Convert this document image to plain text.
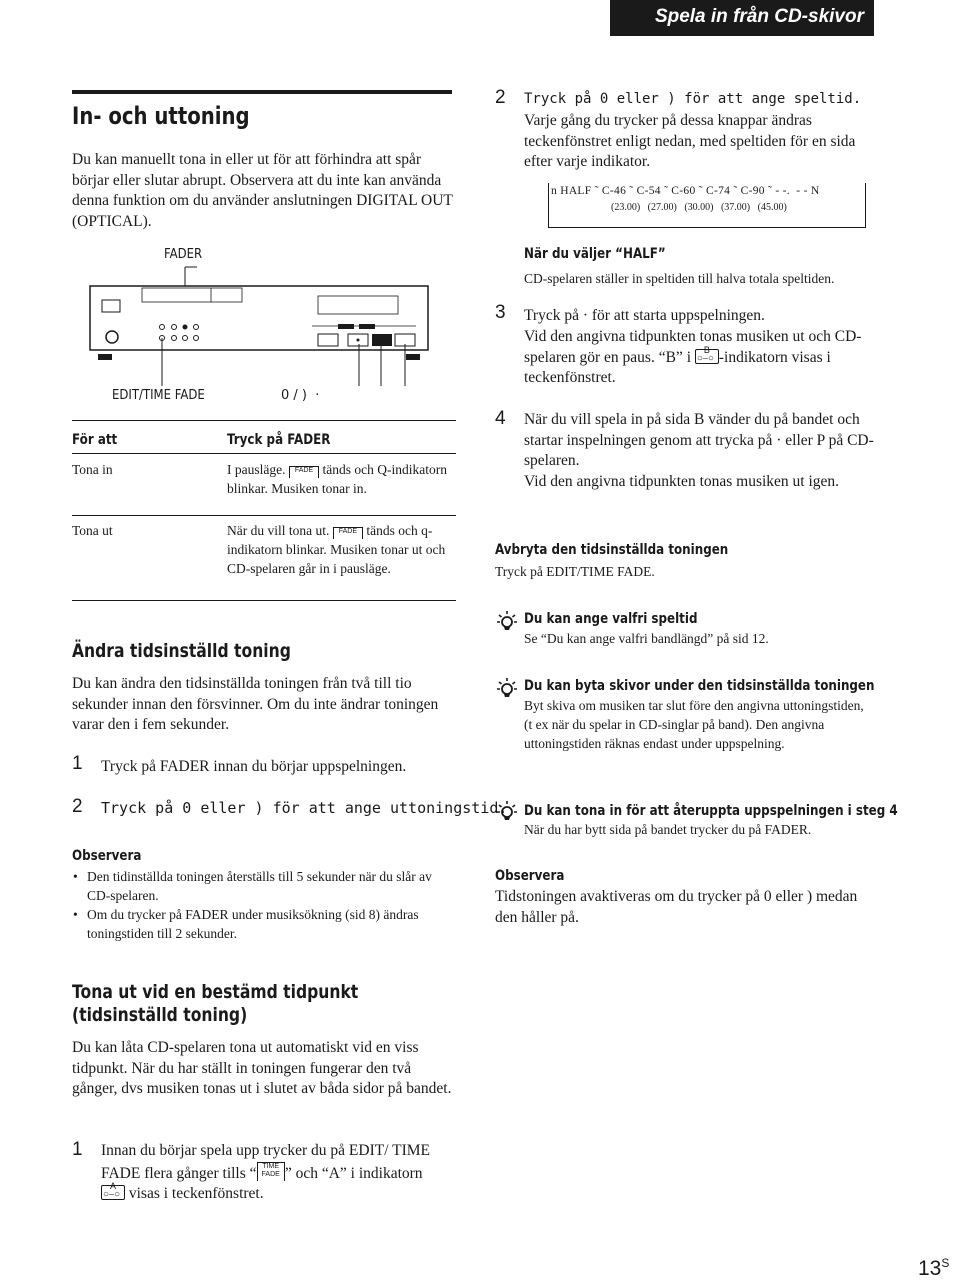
Spela in från CD-skivor
In- och uttoning
Du kan manuellt tona in eller ut för att förhindra att spår börjar eller slutar abrupt. Observera att du inte kan använda denna funktion om du använder anslutningen DIGITAL OUT (OPTICAL).
FADER
EDIT/TIME FADE	0 / )  ·
För att	Tryck på FADER
Tona in	I pausläge. FADE tänds och Q-indikatorn blinkar. Musiken tonar in.
Tona ut	När du vill tona ut. FADE tänds och q- indikatorn blinkar. Musiken tonar ut och CD-spelaren går in i pausläge.
Ändra tidsinställd toning
Du kan ändra den tidsinställda toningen från två till tio sekunder innan den försvinner. Om du inte ändrar toningen varar den i fem sekunder.
1 Tryck på FADER innan du börjar uppspelningen.
2 Tryck på 0 eller ) för att ange uttoningstid.
Observera
• Den tidinställda toningen återställs till 5 sekunder när du slår av CD-spelaren.
• Om du trycker på FADER under musiksökning (sid 8) ändras toningstiden till 2 sekunder.
Tona ut vid en bestämd tidpunkt (tidsinställd toning)
Du kan låta CD-spelaren tona ut automatiskt vid en viss tidpunkt. När du har ställt in toningen fungerar den två gånger, dvs musiken tonas ut i slutet av båda sidor på bandet.
1 Innan du börjar spela upp trycker du på EDIT/ TIME FADE flera gånger tills “ TIME
FADE ” och “A” i indikatorn
A
○–○ visas i teckenfönstret.
2 Tryck på 0 eller ) för att ange speltid.
Varje gång du trycker på dessa knappar ändras teckenfönstret enligt nedan, med speltiden för en sida efter varje indikator.
n HALF ˜ C-46 ˜ C-54 ˜ C-60 ˜ C-74 ˜ C-90 ˜ - -.  - - N
(23.00)   (27.00)   (30.00)   (37.00)   (45.00)
När du väljer “HALF”
CD-spelaren ställer in speltiden till halva totala speltiden.
3 Tryck på · för att starta uppspelningen.
Vid den angivna tidpunkten tonas musiken ut och CD-spelaren gör en paus. “B” i B
○–○ -indikatorn visas i teckenfönstret.
4 När du vill spela in på sida B vänder du på bandet och startar inspelningen genom att trycka på · eller P på CD-spelaren.
Vid den angivna tidpunkten tonas musiken ut igen.
Avbryta den tidsinställda toningen
Tryck på EDIT/TIME FADE.
Du kan ange valfri speltid
Se “Du kan ange valfri bandlängd” på sid 12.
Du kan byta skivor under den tidsinställda toningen
Byt skiva om musiken tar slut före den angivna uttoningstiden, (t ex när du spelar in CD-singlar på band). Den angivna uttoningstiden räknas endast under uppspelning.
Du kan tona in för att återuppta uppspelningen i steg 4
När du har bytt sida på bandet trycker du på FADER.
Observera
Tidstoningen avaktiveras om du trycker på 0 eller ) medan den håller på.
$13^S$
